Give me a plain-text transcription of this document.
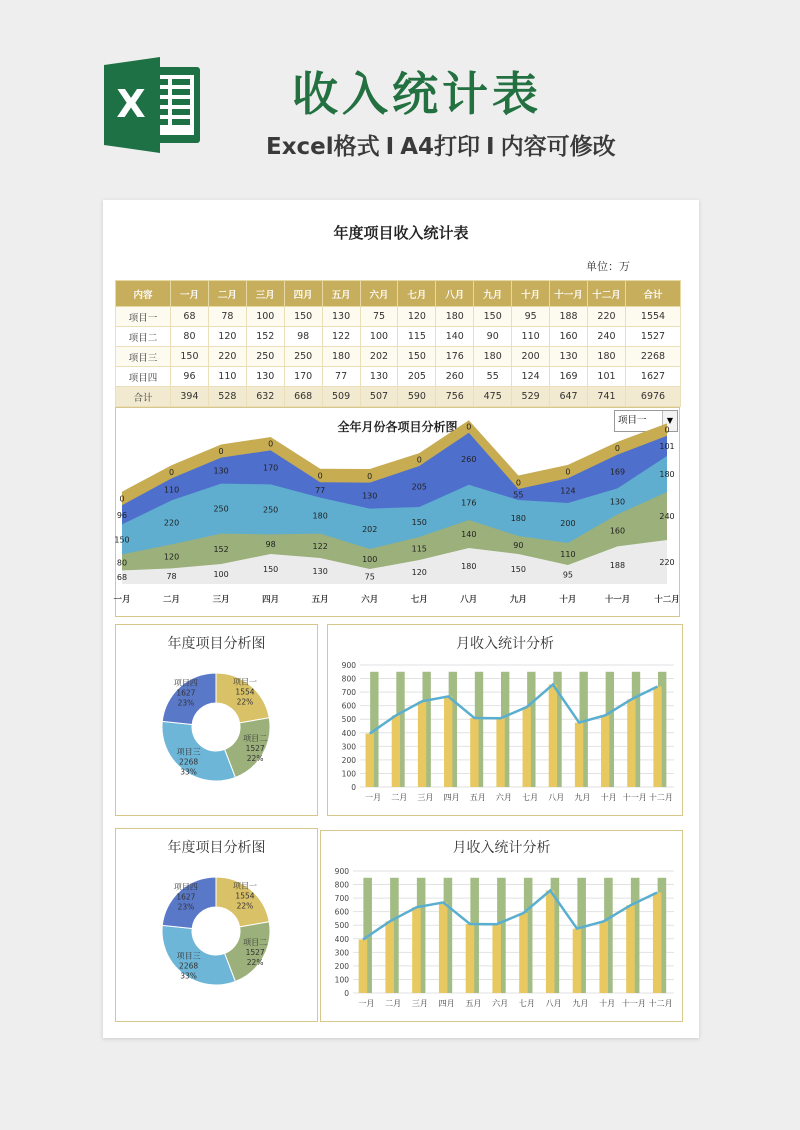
X	收入统计表
Excel格式 I A4打印 I 内容可修改
年度项目收入统计表
单位：万
内容	一月	二月	三月	四月	五月	六月	七月	八月	九月	十月	十一月	十二月	合计
项目一	68	78	100	150	130	75	120	180	150	95	188	220	1554
项目二	80	120	152	98	122	100	115	140	90	110	160	240	1527
项目三	150	220	250	250	180	202	150	176	180	200	130	180	2268
项目四	96	110	130	170	77	130	205	260	55	124	169	101	1627
合计	394	528	632	668	509	507	590	756	475	529	647	741	6976
全年月份各项目分析图	项目一	▼
68	78	100
150	130
75	120
180	150
95
188	220
80
120
152
98	122
100
115
140
90
110
160
240
150
220
250	250
180
202
150
176
180
200
130
180
96
110
130	170
77
130
205
260
55	124
169
101
0
0
0
0
0	0
0
0
0
0
0
0
一月	二月	三月	四月	五月	六月	七月	八月	九月	十月	十一月	十二月
年度项目分析图
项目一
1554
22%
项目二
1527
22%
项目三
2268
33%
项目四
1627
23%
月收入统计分析
0
100
200
300
400
500
600
700
800
900
一月 二月 三月 四月 五月 六月 七月 八月 九月 十月 十一月 十二月
年度项目分析图
项目一
1554
22%
项目二
1527
22%
项目三
2268
33%
项目四
1627
23%
月收入统计分析
0
100
200
300
400
500
600
700
800
900
一月 二月 三月 四月 五月 六月 七月 八月 九月 十月 十一月 十二月
